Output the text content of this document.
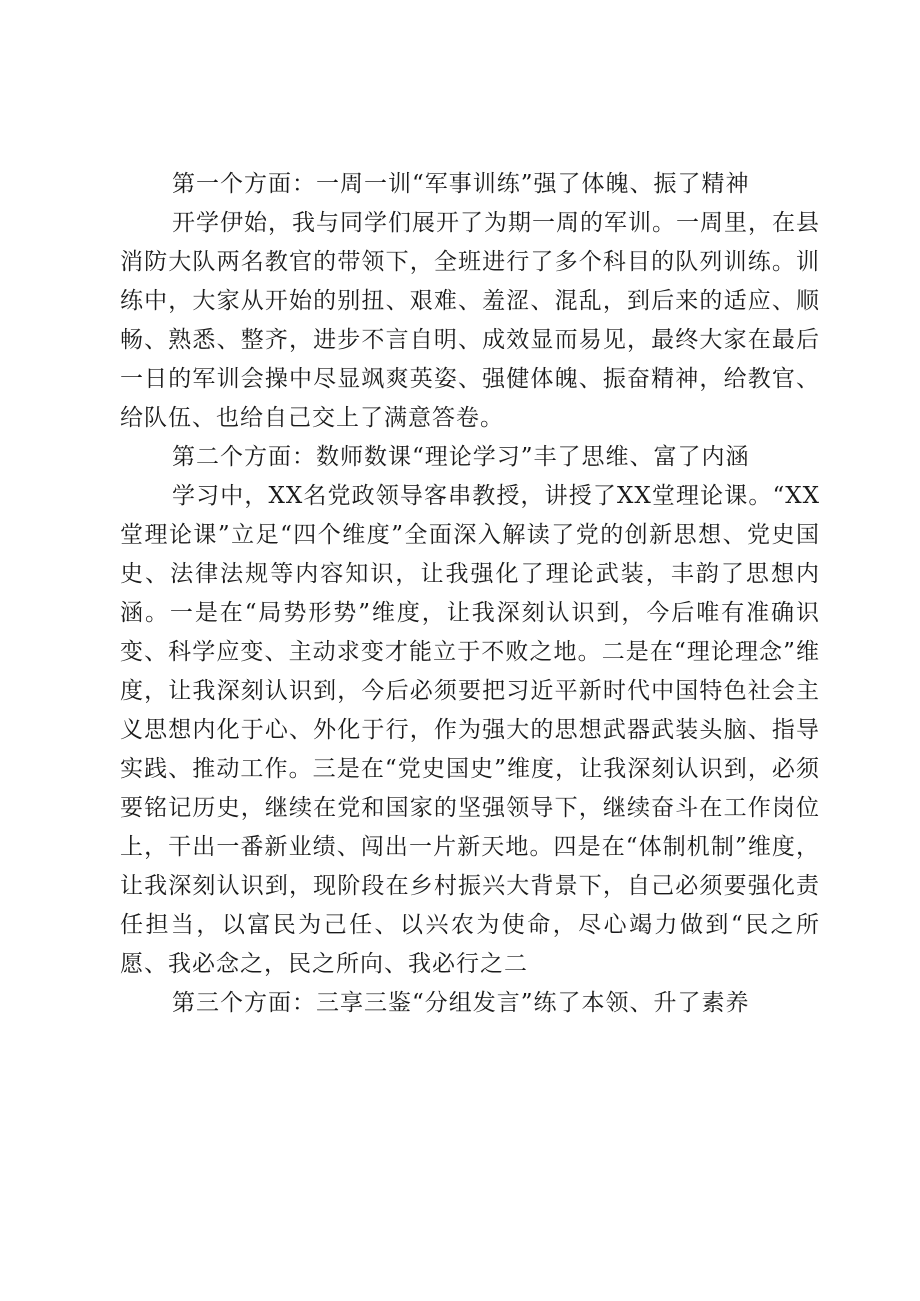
第一个方面：一周一训“军事训练”强了体魄、振了精神

开学伊始，我与同学们展开了为期一周的军训。一周里，在县消防大队两名教官的带领下，全班进行了多个科目的队列训练。训练中，大家从开始的别扭、艰难、羞涩、混乱，到后来的适应、顺畅、熟悉、整齐，进步不言自明、成效显而易见，最终大家在最后一日的军训会操中尽显飒爽英姿、强健体魄、振奋精神，给教官、给队伍、也给自己交上了满意答卷。

第二个方面：数师数课“理论学习”丰了思维、富了内涵

学习中，XX名党政领导客串教授，讲授了XX堂理论课。“XX堂理论课”立足“四个维度”全面深入解读了党的创新思想、党史国史、法律法规等内容知识，让我强化了理论武装，丰韵了思想内涵。一是在“局势形势”维度，让我深刻认识到，今后唯有准确识变、科学应变、主动求变才能立于不败之地。二是在“理论理念”维度，让我深刻认识到，今后必须要把习近平新时代中国特色社会主义思想内化于心、外化于行，作为强大的思想武器武装头脑、指导实践、推动工作。三是在“党史国史”维度，让我深刻认识到，必须要铭记历史，继续在党和国家的坚强领导下，继续奋斗在工作岗位上，干出一番新业绩、闯出一片新天地。四是在“体制机制”维度，让我深刻认识到，现阶段在乡村振兴大背景下，自己必须要强化责任担当，以富民为己任、以兴农为使命，尽心竭力做到“民之所愿、我必念之，民之所向、我必行之二

第三个方面：三享三鉴“分组发言”练了本领、升了素养
